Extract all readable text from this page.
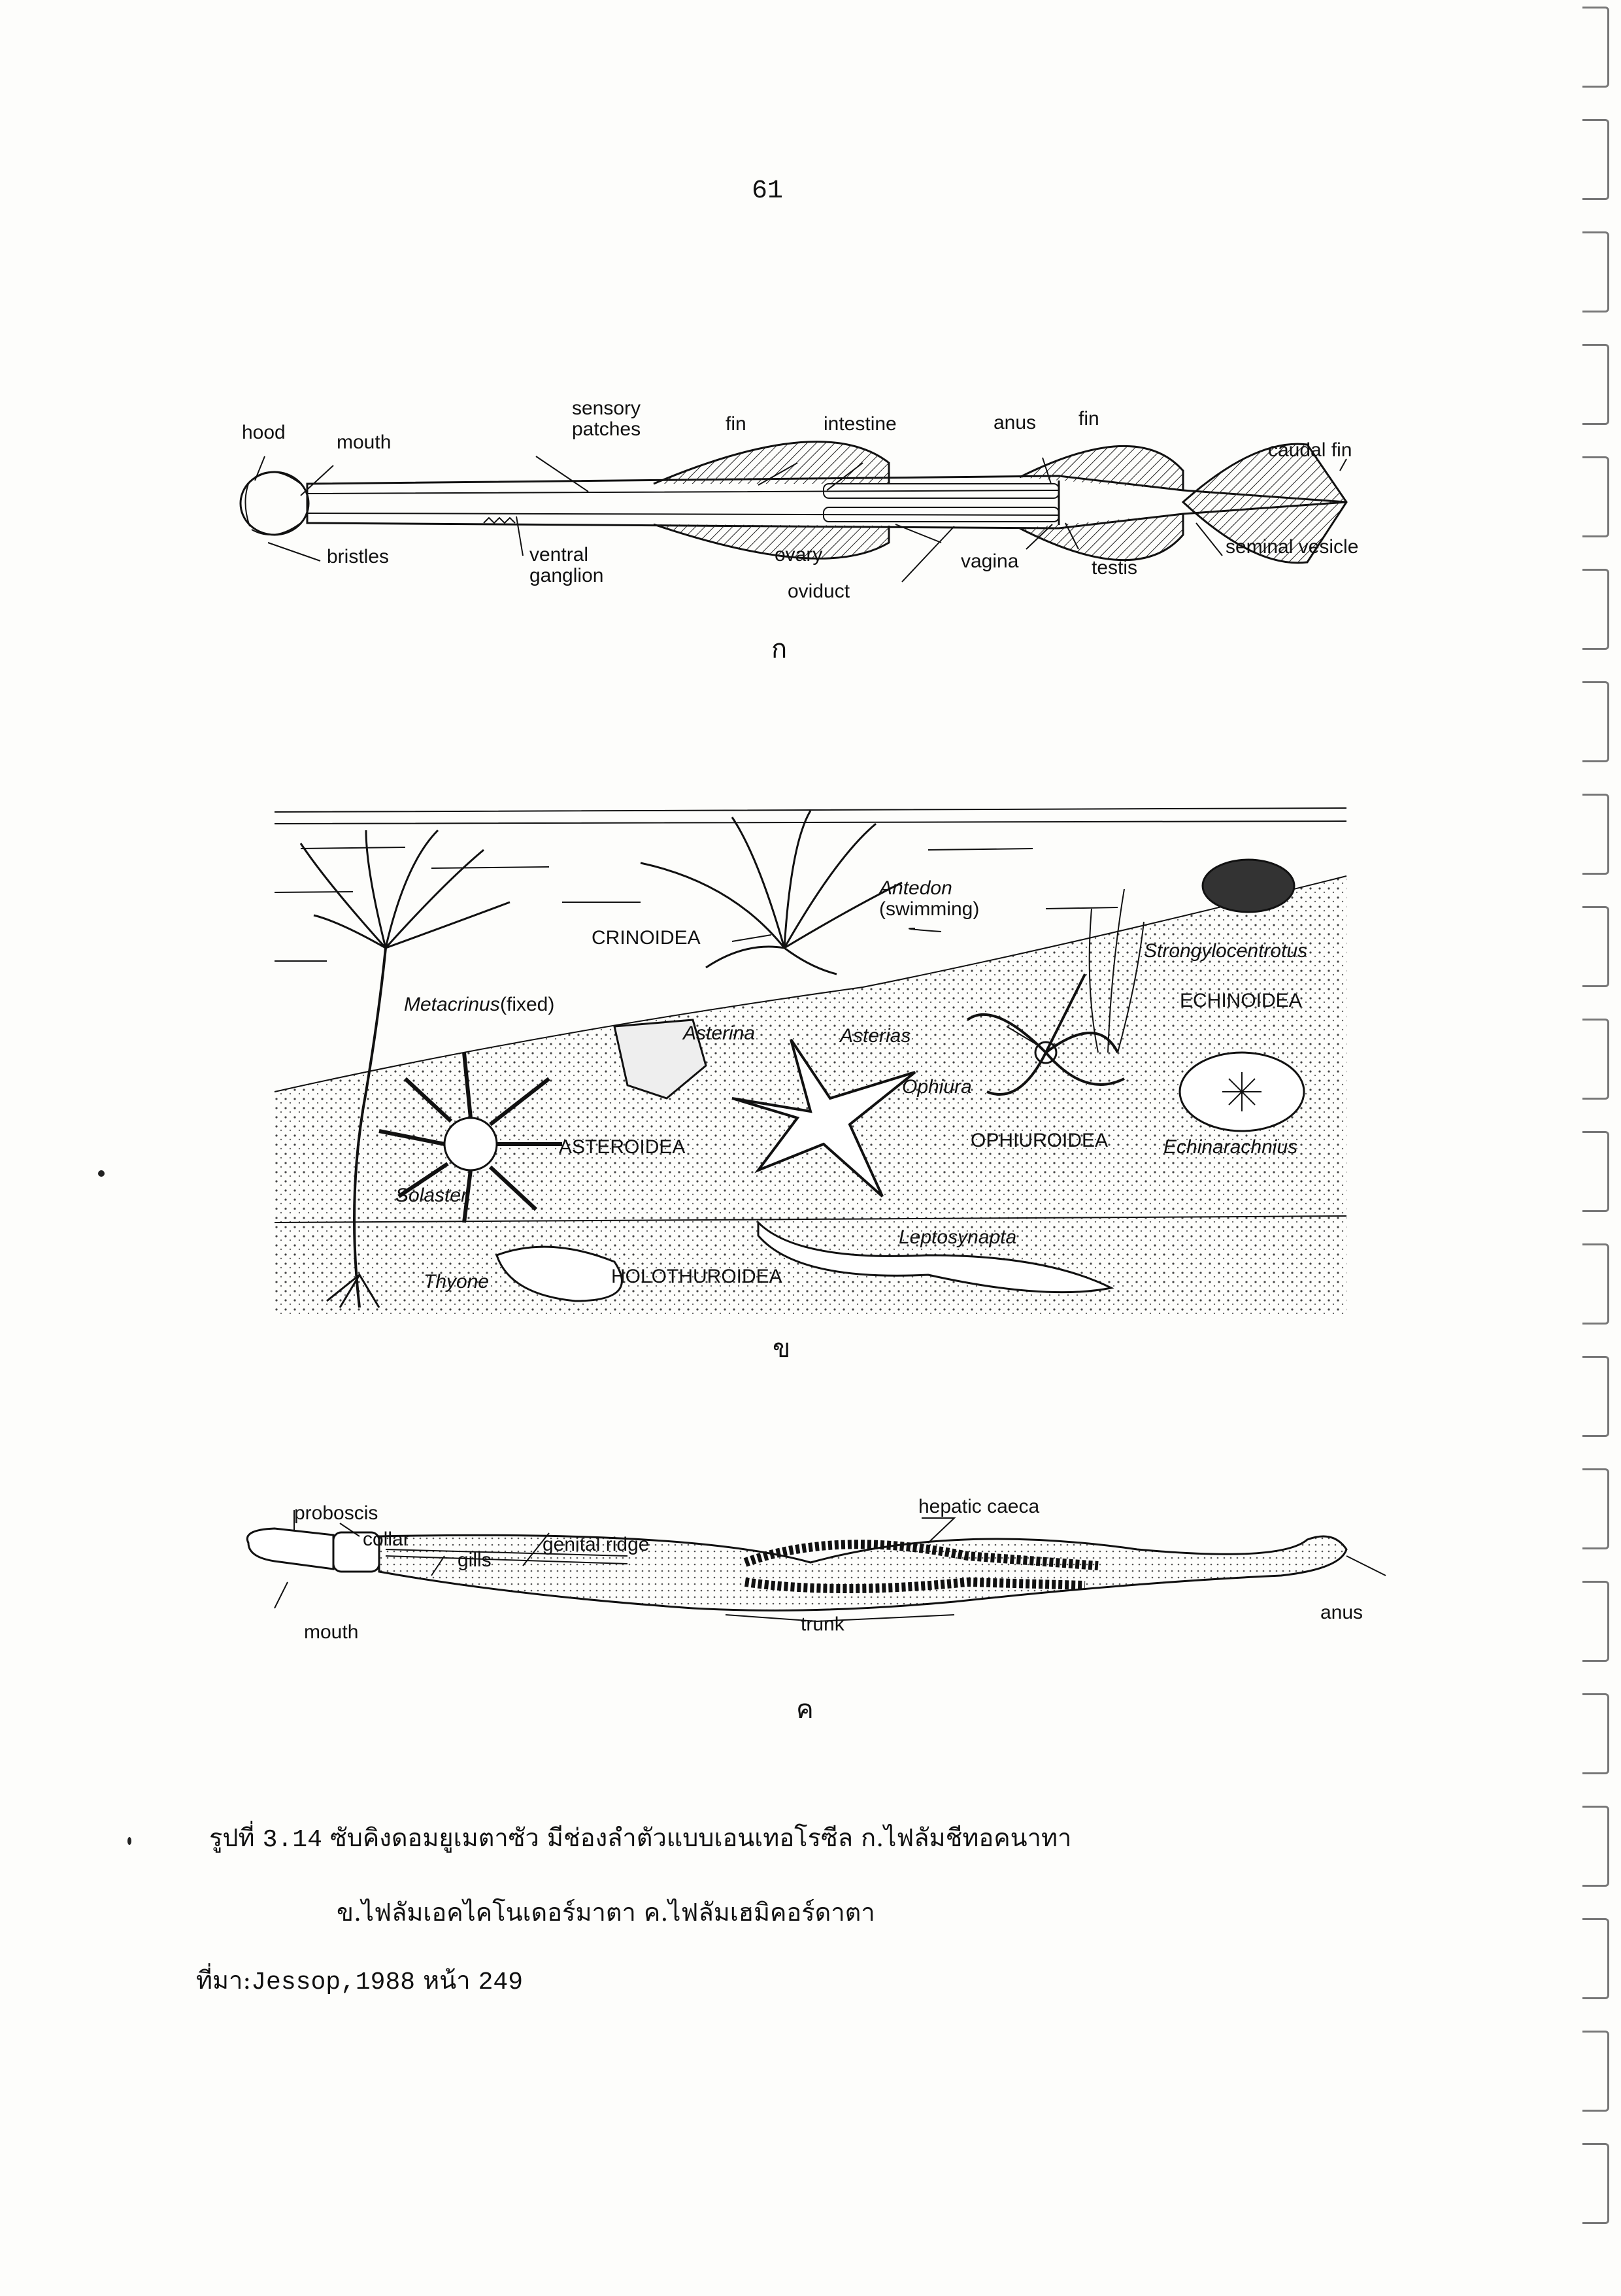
61
hood	mouth
bristles
sensory
patches	fin	intestine	anus fin
caudal fin
ventral
ganglion
ovary
oviduct
vagina	testis
seminal vesicle
ก
Antedon
(swimming)
CRINOIDEA
Strongylocentrotus
Metacrinus (fixed)	ECHINOIDEA
Asterina	Asterias
Ophiura
ASTEROIDEA	OPHIUROIDEA	Echinarachnius
Solaster
Leptosynapta
Thyone	HOLOTHUROIDEA
ข
proboscis
collar
gills
genital ridge
hepatic caeca
mouth	trunk
anus
ค
รูปที่ 3.14 ซับคิงดอมยูเมตาซัว มีช่องลำตัวแบบเอนเทอโรซีล ก.ไฟลัมชีทอคนาทา
ข.ไฟลัมเอคไคโนเดอร์มาตา ค.ไฟลัมเฮมิคอร์ดาตา
ที่มา:Jessop,1988 หน้า 249
